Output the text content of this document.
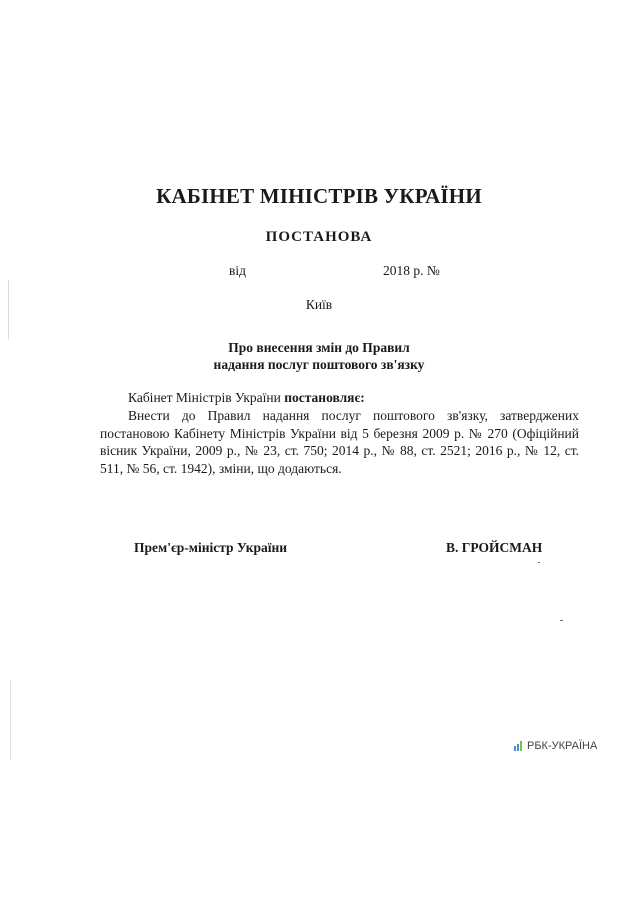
КАБІНЕТ МІНІСТРІВ УКРАЇНИ
ПОСТАНОВА
від	2018 р. №
Київ
Про внесення змін до Правил
надання послуг поштового зв'язку
Кабінет Міністрів України постановляє:
Внести до Правил надання послуг поштового зв'язку, затверджених постановою Кабінету Міністрів України від 5 березня 2009 р. № 270 (Офіційний вісник України, 2009 р., № 23, ст. 750; 2014 р., № 88, ст. 2521; 2016 р., № 12, ст. 511, № 56, ст. 1942), зміни, що додаються.
Прем'єр-міністр України	В. ГРОЙСМАН
РБК-УКРАЇНА
